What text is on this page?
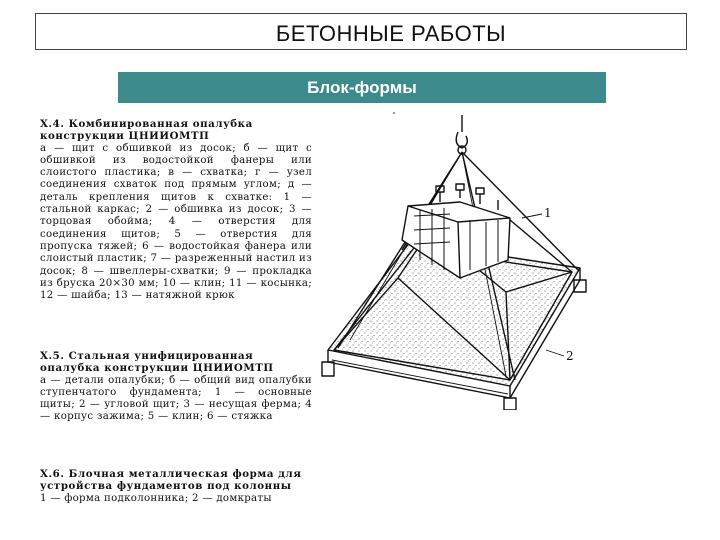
БЕТОННЫЕ РАБОТЫ
Блок-формы
Х.4. Комбинированная опалубка конструкции ЦНИИОМТП
а — щит с обшивкой из досок; б — щит с обшивкой из водостойкой фанеры или слоистого пластика; в — схватка; г — узел соединения схваток под прямым углом; д — деталь крепления щитов к схватке: 1 — стальной каркас; 2 — обшивка из досок; 3 — торцовая обойма; 4 — отверстия для соединения щитов; 5 — отверстия для пропуска тяжей; 6 — водостойкая фанера или слоистый пластик; 7 — разреженный настил из досок; 8 — швеллеры-схватки; 9 — прокладка из бруска 20×30 мм; 10 — клин; 11 — косынка; 12 — шайба; 13 — натяжной крюк
Х.5. Стальная унифицированная опалубка конструкции ЦНИИОМТП
а — детали опалубки; б — общий вид опалубки ступенчатого фундамента; 1 — основные щиты; 2 — угловой щит; 3 — несущая ферма; 4 — корпус зажима; 5 — клин; 6 — стяжка
Х.6. Блочная металлическая форма для устройства фундаментов под колонны
1 — форма подколонника; 2 — домкраты
1
2
